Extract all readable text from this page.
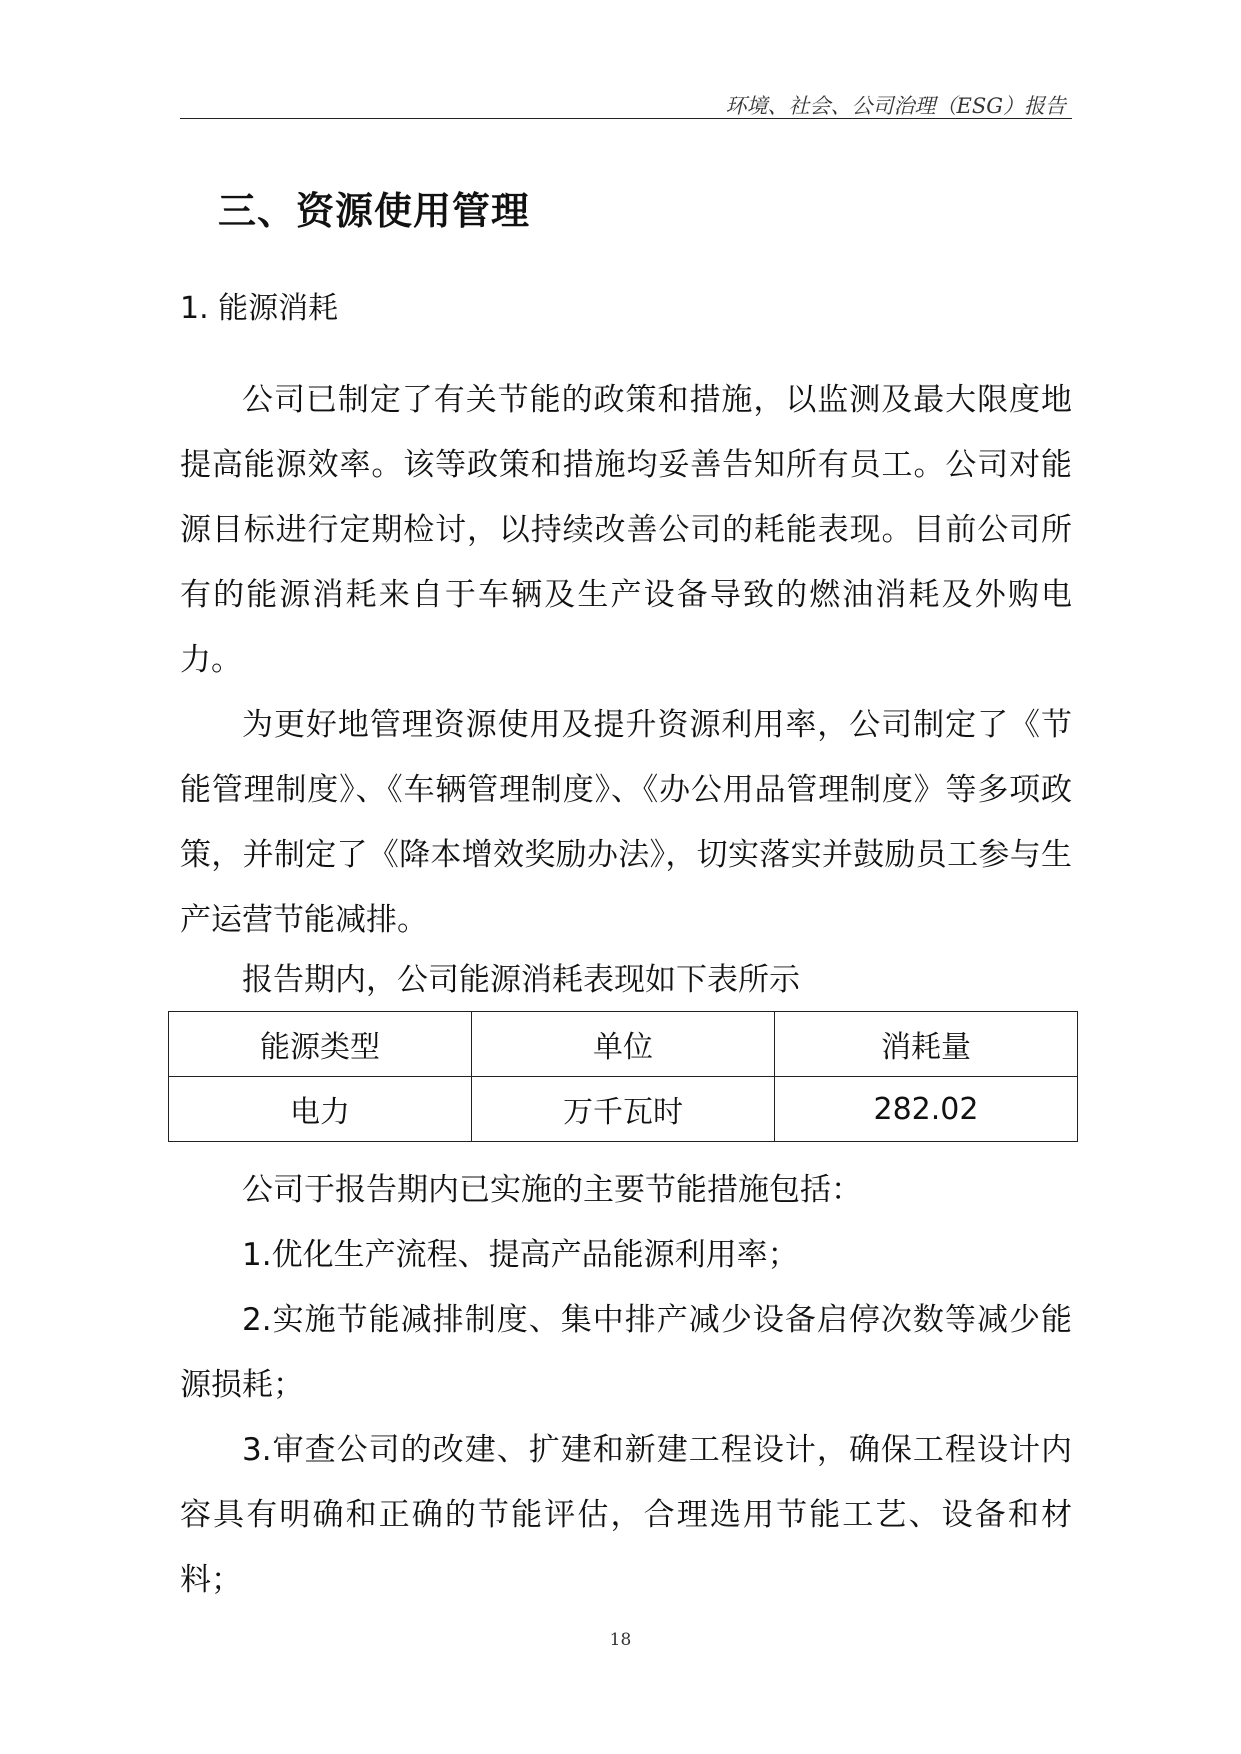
环境、社会、公司治理（ESG）报告
三、资源使用管理
1. 能源消耗
公司已制定了有关节能的政策和措施，以监测及最大限度地提高能源效率。该等政策和措施均妥善告知所有员工。公司对能源目标进行定期检讨，以持续改善公司的耗能表现。目前公司所有的能源消耗来自于车辆及生产设备导致的燃油消耗及外购电力。
为更好地管理资源使用及提升资源利用率，公司制定了《节能管理制度》、《车辆管理制度》、《办公用品管理制度》等多项政策，并制定了《降本增效奖励办法》，切实落实并鼓励员工参与生产运营节能减排。
报告期内，公司能源消耗表现如下表所示
能源类型	单位	消耗量
电力	万千瓦时	282.02
公司于报告期内已实施的主要节能措施包括：
1.优化生产流程、提高产品能源利用率；
2.实施节能减排制度、集中排产减少设备启停次数等减少能源损耗；
3.审查公司的改建、扩建和新建工程设计，确保工程设计内容具有明确和正确的节能评估，合理选用节能工艺、设备和材料；
18
